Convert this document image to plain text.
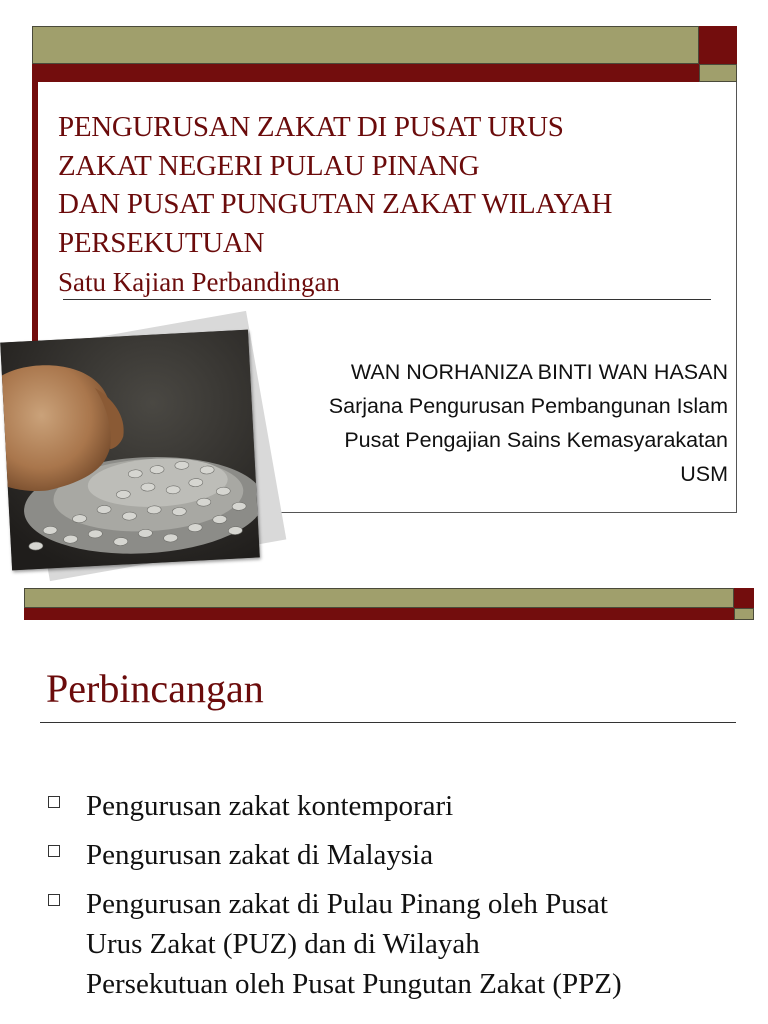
PENGURUSAN ZAKAT DI PUSAT URUS
ZAKAT NEGERI PULAU PINANG
DAN PUSAT PUNGUTAN ZAKAT WILAYAH
PERSEKUTUAN
Satu Kajian Perbandingan
WAN NORHANIZA BINTI WAN HASAN
Sarjana Pengurusan Pembangunan Islam
Pusat Pengajian Sains Kemasyarakatan
USM
Perbincangan
Pengurusan zakat kontemporari
Pengurusan zakat di Malaysia
Pengurusan zakat di Pulau Pinang oleh Pusat
Urus Zakat (PUZ) dan di Wilayah
Persekutuan oleh Pusat Pungutan Zakat (PPZ)
